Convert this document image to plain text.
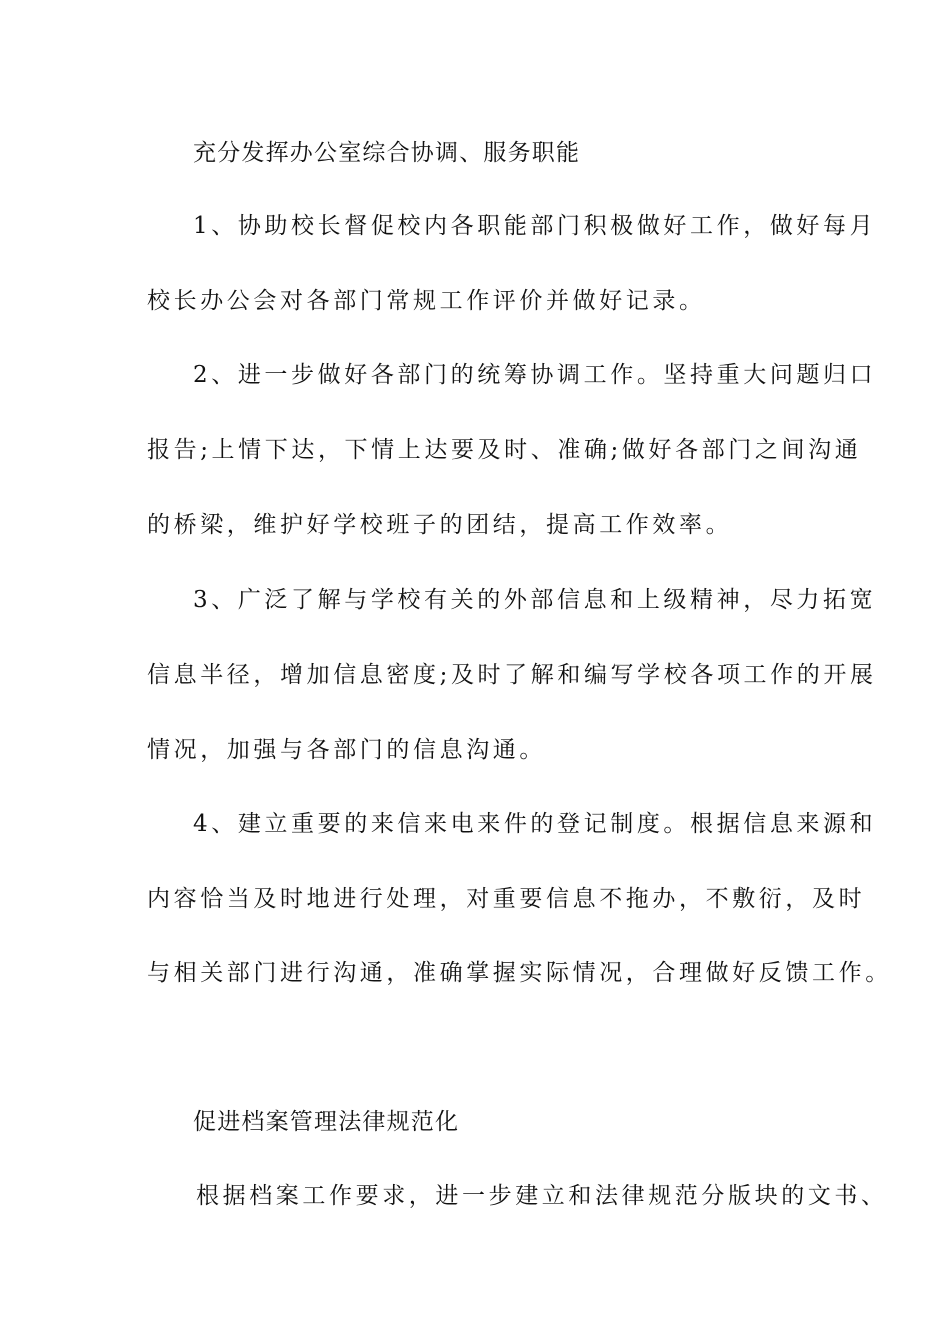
充分发挥办公室综合协调、服务职能
1、协助校长督促校内各职能部门积极做好工作，做好每月
校长办公会对各部门常规工作评价并做好记录。
2、进一步做好各部门的统筹协调工作。坚持重大问题归口
报告;上情下达，下情上达要及时、准确;做好各部门之间沟通
的桥梁，维护好学校班子的团结，提高工作效率。
3、广泛了解与学校有关的外部信息和上级精神，尽力拓宽
信息半径，增加信息密度;及时了解和编写学校各项工作的开展
情况，加强与各部门的信息沟通。
4、建立重要的来信来电来件的登记制度。根据信息来源和
内容恰当及时地进行处理，对重要信息不拖办，不敷衍，及时
与相关部门进行沟通，准确掌握实际情况，合理做好反馈工作。
促进档案管理法律规范化
根据档案工作要求，进一步建立和法律规范分版块的文书、
